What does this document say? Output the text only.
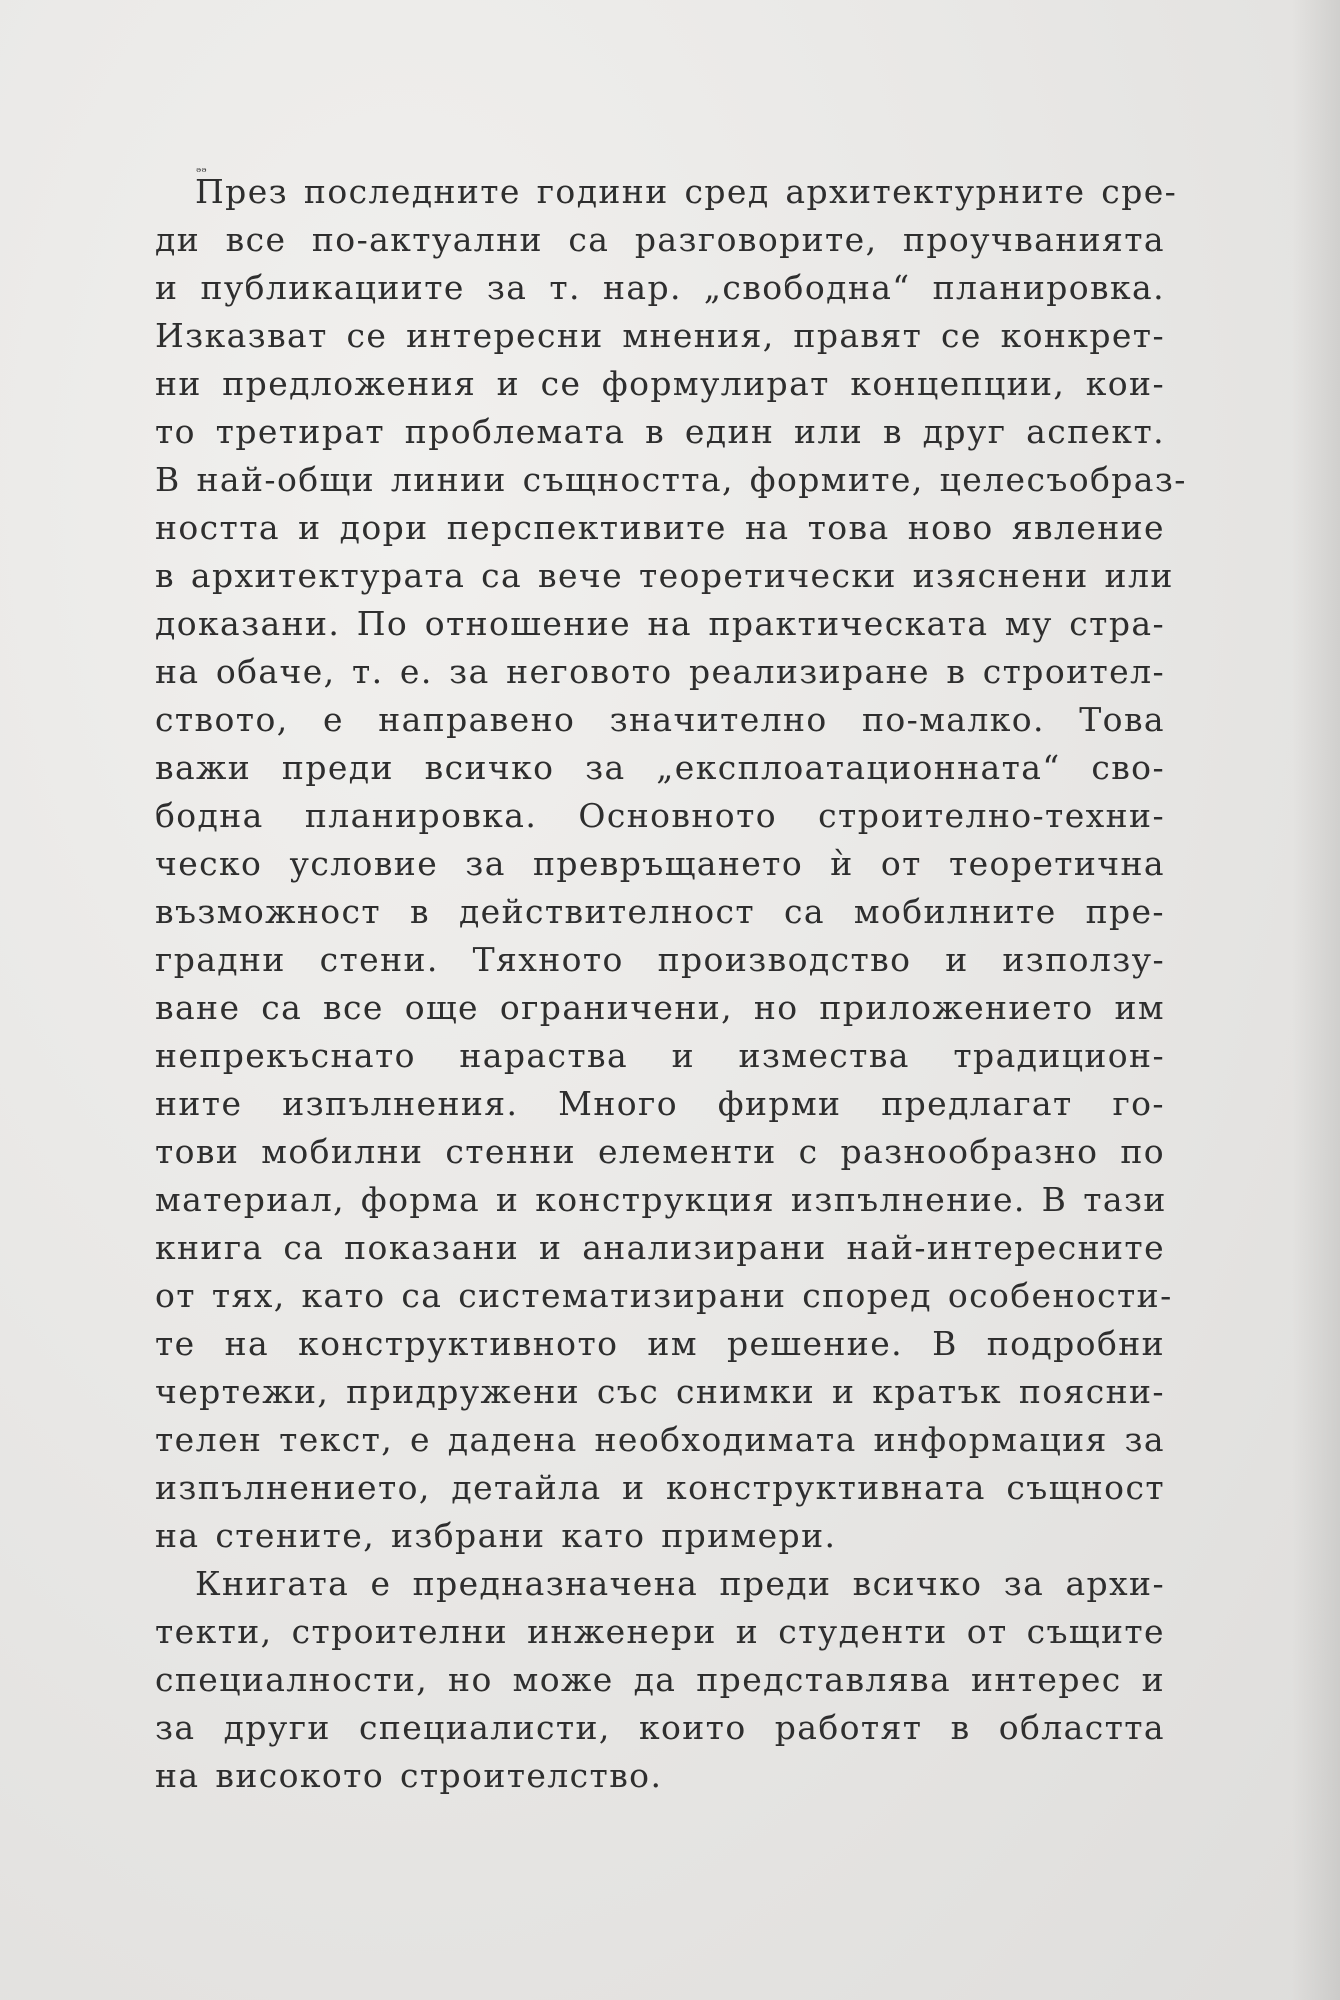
ₔₔ
През последните години сред архитектурните сре-
ди все по-актуални са разговорите, проучванията
и публикациите за т. нар. „свободна“ планировка.
Изказват се интересни мнения, правят се конкрет-
ни предложения и се формулират концепции, кои-
то третират проблемата в един или в друг аспект.
В най-общи линии същността, формите, целесъобраз-
ността и дори перспективите на това ново явление
в архитектурата са вече теоретически изяснени или
доказани. По отношение на практическата му стра-
на обаче, т. е. за неговото реализиране в строител-
ството, е направено значително по-малко. Това
важи преди всичко за „експлоатационната“ сво-
бодна планировка. Основното строително-техни-
ческо условие за превръщането ѝ от теоретична
възможност в действителност са мобилните пре-
градни стени. Тяхното производство и използу-
ване са все още ограничени, но приложението им
непрекъснато нараства и измества традицион-
ните изпълнения. Много фирми предлагат го-
тови мобилни стенни елементи с разнообразно по
материал, форма и конструкция изпълнение. В тази
книга са показани и анализирани най-интересните
от тях, като са систематизирани според особености-
те на конструктивното им решение. В подробни
чертежи, придружени със снимки и кратък поясни-
телен текст, е дадена необходимата информация за
изпълнението, детайла и конструктивната същност
на стените, избрани като примери.
Книгата е предназначена преди всичко за архи-
текти, строителни инженери и студенти от същите
специалности, но може да представлява интерес и
за други специалисти, които работят в областта
на високото строителство.
